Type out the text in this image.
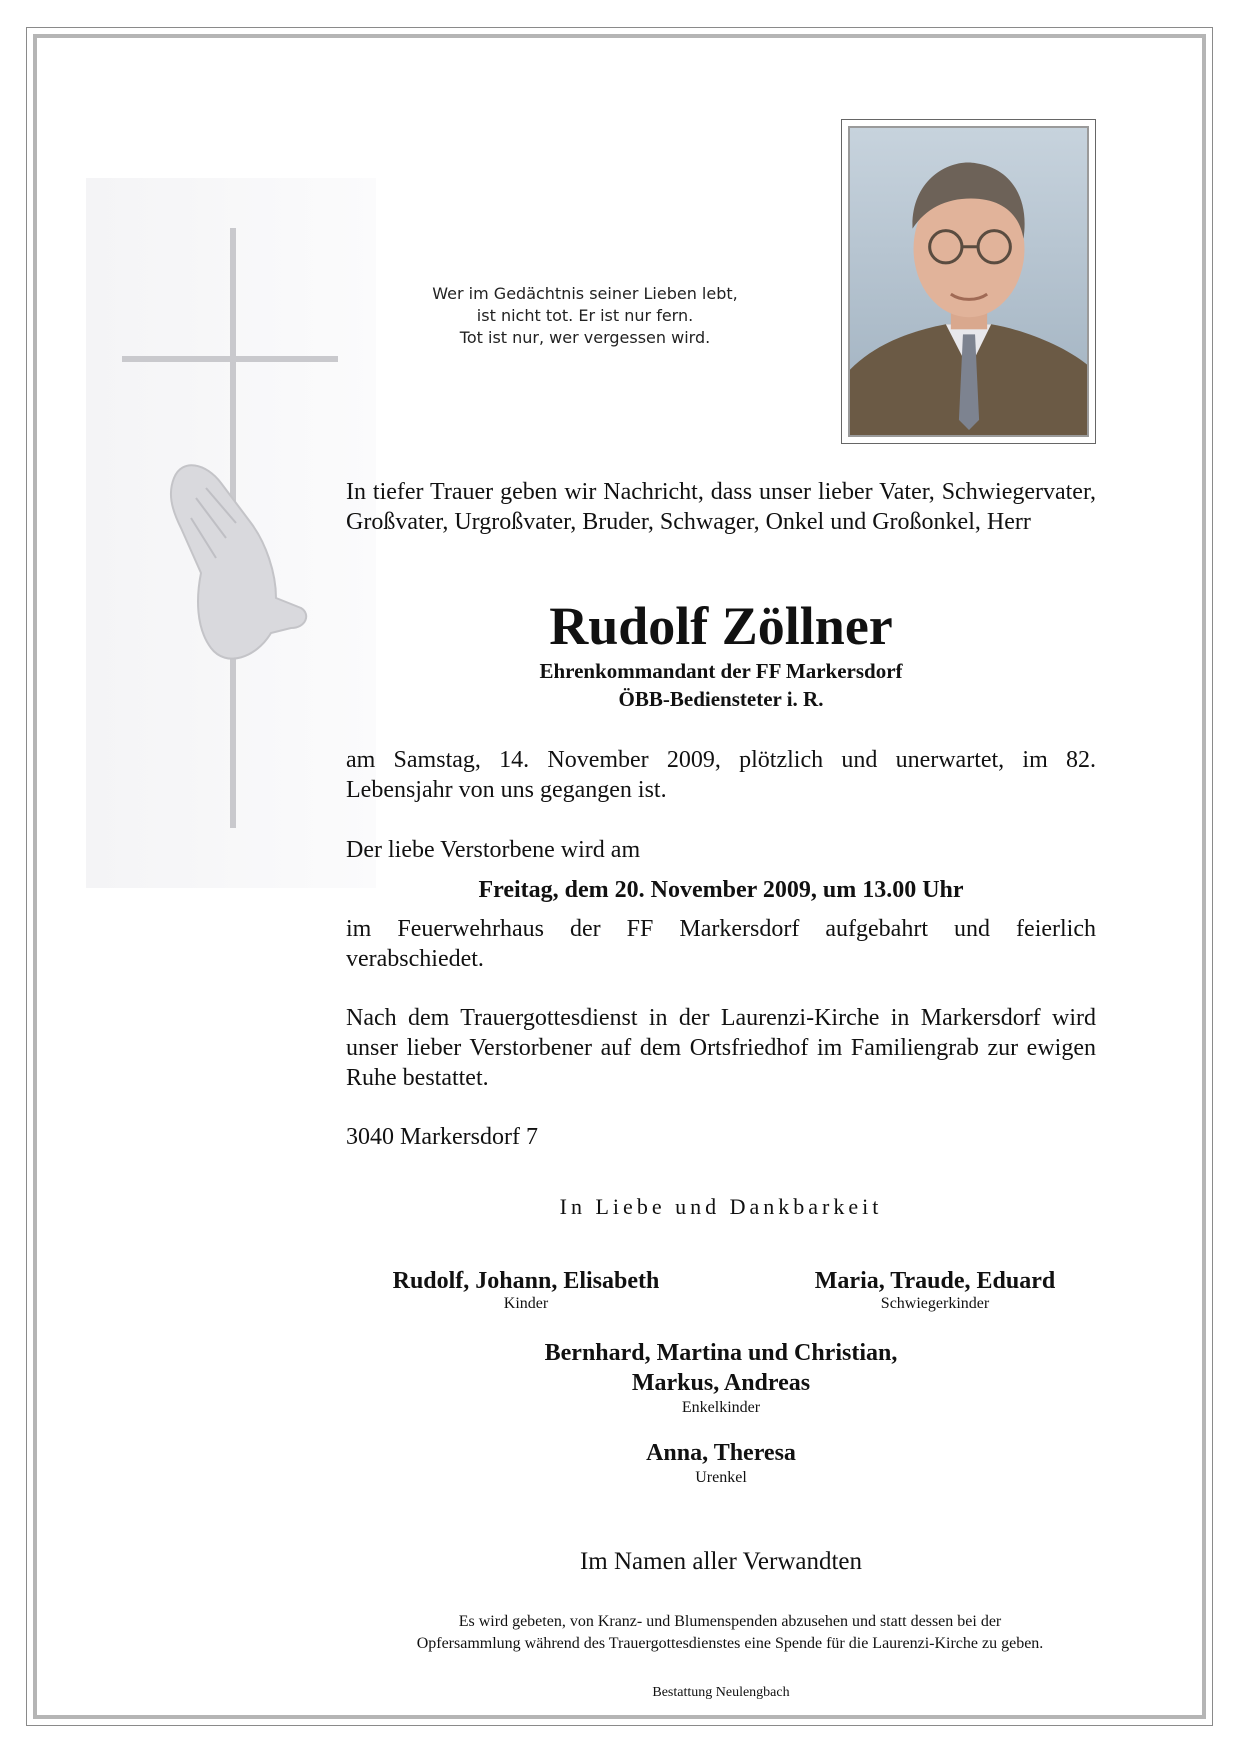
Wer im Gedächtnis seiner Lieben lebt,
ist nicht tot. Er ist nur fern.
Tot ist nur, wer vergessen wird.
In tiefer Trauer geben wir Nachricht, dass unser lieber Vater, Schwiegervater, Großvater, Urgroßvater, Bruder, Schwager, Onkel und Großonkel, Herr
Rudolf Zöllner
Ehrenkommandant der FF Markersdorf
ÖBB-Bediensteter i. R.
am Samstag, 14. November 2009, plötzlich und unerwartet, im 82. Lebensjahr von uns gegangen ist.
Der liebe Verstorbene wird am
Freitag, dem 20. November 2009, um 13.00 Uhr
im Feuerwehrhaus der FF Markersdorf aufgebahrt und feierlich verabschiedet.
Nach dem Trauergottesdienst in der Laurenzi-Kirche in Markersdorf wird unser lieber Verstorbener auf dem Ortsfriedhof im Familiengrab zur ewigen Ruhe bestattet.
3040 Markersdorf 7
In Liebe und Dankbarkeit
Rudolf, Johann, Elisabeth
Kinder
Maria, Traude, Eduard
Schwiegerkinder
Bernhard, Martina und Christian,
Markus, Andreas
Enkelkinder
Anna, Theresa
Urenkel
Im Namen aller Verwandten
Es wird gebeten, von Kranz- und Blumenspenden abzusehen und statt dessen bei der
Opfersammlung während des Trauergottesdienstes eine Spende für die Laurenzi-Kirche zu geben.
Bestattung Neulengbach
